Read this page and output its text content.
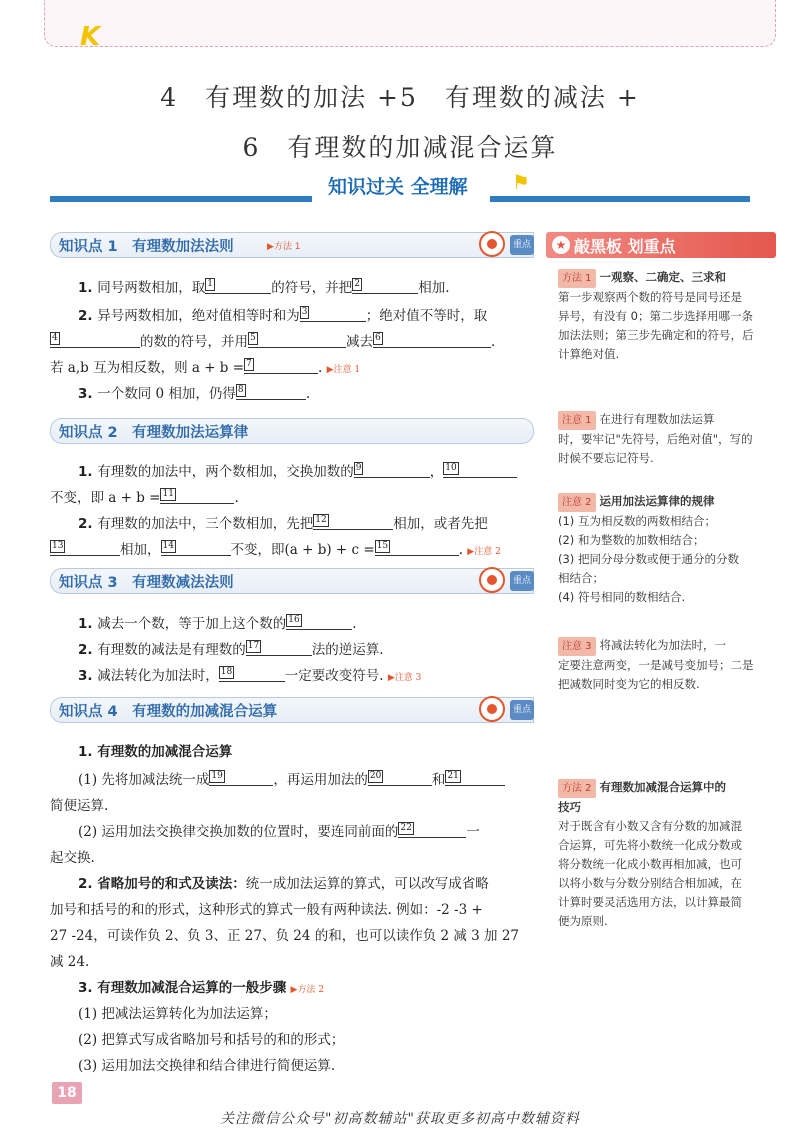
K
4　有理数的加法 +5　有理数的减法 +
6　有理数的加减混合运算
知识过关 全理解	⚑
知识点 1　有理数加法法则	▶方法 1	重点
1. 同号两数相加，取 1	的符号，并把 2	相加.
2. 异号两数相加，绝对值相等时和为 3	；绝对值不等时，取
4	的数的符号，并用 5	减去 6	.
若 a,b 互为相反数，则 a + b = 7	. ▶注意 1
3. 一个数同 0 相加，仍得 8	.
知识点 2　有理数加法运算律
1. 有理数的加法中，两个数相加，交换加数的 9	， 10
不变，即 a + b = 11	.
2. 有理数的加法中，三个数相加，先把 12	相加，或者先把
13	相加， 14	不变，即(a + b) + c = 15	. ▶注意 2
知识点 3　有理数减法法则	重点
1. 减去一个数，等于加上这个数的 16	.
2. 有理数的减法是有理数的 17	法的逆运算.
3. 减法转化为加法时， 18	一定要改变符号. ▶注意 3
知识点 4　有理数的加减混合运算	重点
1. 有理数的加减混合运算
(1) 先将加减法统一成 19	，再运用加法的 20	和 21
简便运算.
(2) 运用加法交换律交换加数的位置时，要连同前面的 22	一
起交换.
2. 省略加号的和式及读法：统一成加法运算的算式，可以改写成省略
加号和括号的和的形式，这种形式的算式一般有两种读法. 例如：-2 -3 +
27 -24，可读作负 2、负 3、正 27、负 24 的和，也可以读作负 2 减 3 加 27
减 24.
3. 有理数加减混合运算的一般步骤 ▶方法 2
(1) 把减法运算转化为加法运算；
(2) 把算式写成省略加号和括号的和的形式；
(3) 运用加法交换律和结合律进行简便运算.
★ 敲黑板 划重点
方法 1 一观察、二确定、三求和
第一步观察两个数的符号是同号还是
异号，有没有 0；第二步选择用哪一条
加法法则；第三步先确定和的符号，后
计算绝对值.
注意 1 在进行有理数加法运算
时，要牢记"先符号，后绝对值"，写的
时候不要忘记符号.
注意 2 运用加法运算律的规律
(1) 互为相反数的两数相结合；
(2) 和为整数的加数相结合；
(3) 把同分母分数或便于通分的分数
相结合；
(4) 符号相同的数相结合.
注意 3 将减法转化为加法时，一
定要注意两变，一是减号变加号；二是
把减数同时变为它的相反数.
方法 2 有理数加减混合运算中的
技巧
对于既含有小数又含有分数的加减混
合运算，可先将小数统一化成分数或
将分数统一化成小数再相加减，也可
以将小数与分数分别结合相加减，在
计算时要灵活选用方法，以计算最简
便为原则.
18
关注微信公众号"初高数辅站"获取更多初高中数辅资料
